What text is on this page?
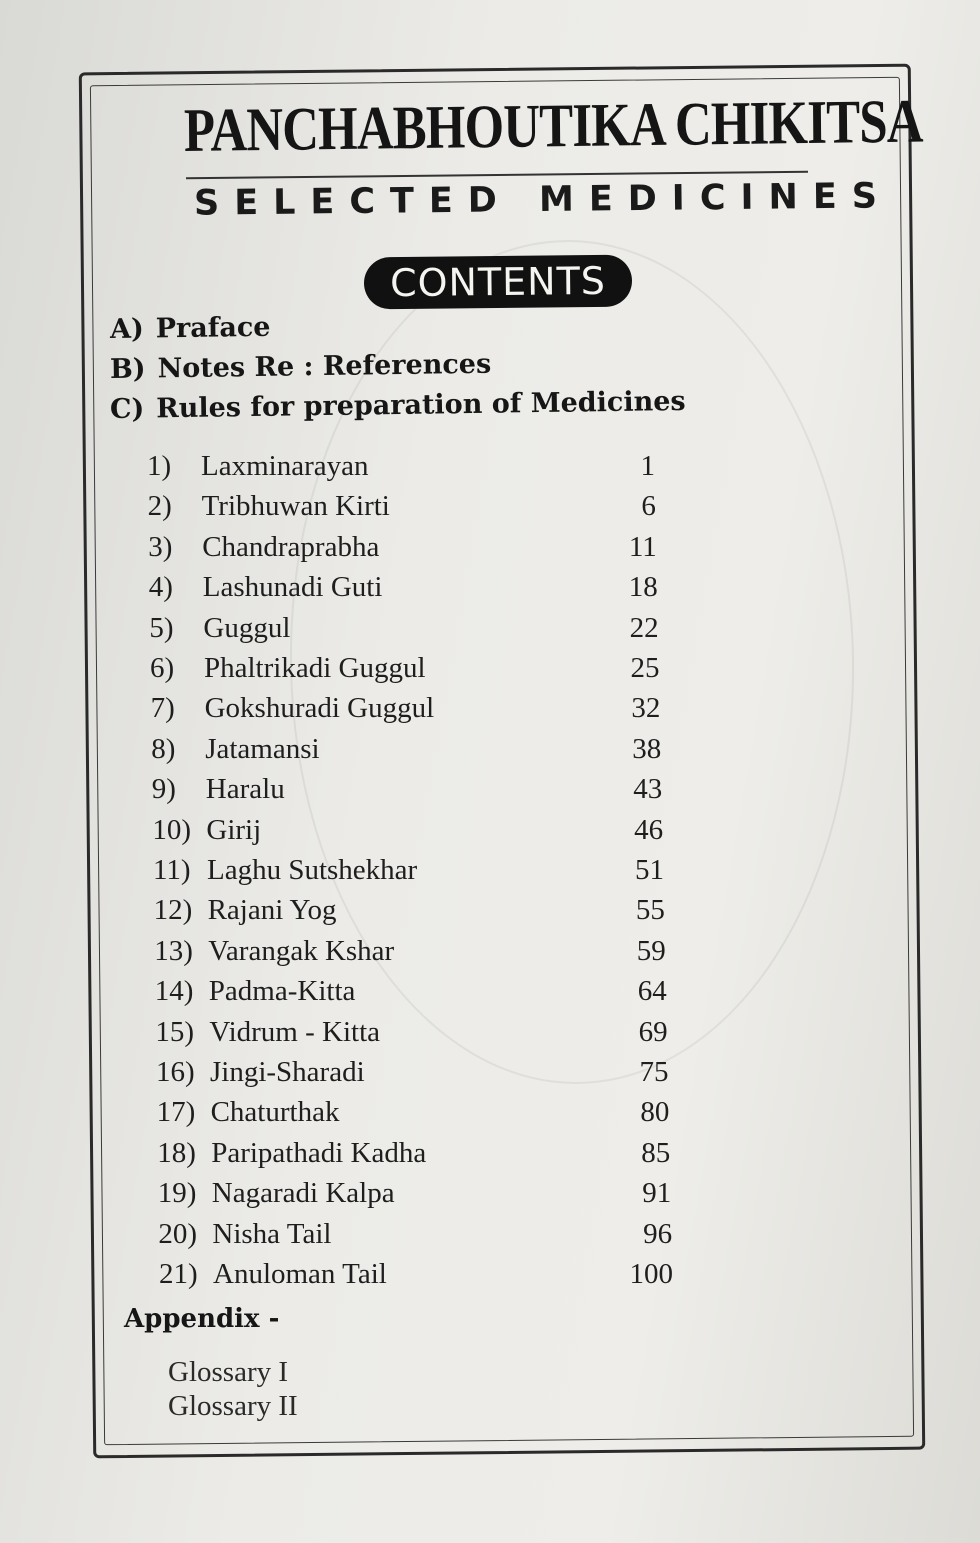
PANCHABHOUTIKA CHIKITSA
SELECTED MEDICINES
CONTENTS
A) Praface
B) Notes Re : References
C) Rules for preparation of Medicines
1) Laxminarayan	1
2) Tribhuwan Kirti	6
3) Chandraprabha	11
4) Lashunadi Guti	18
5) Guggul	22
6) Phaltrikadi Guggul	25
7) Gokshuradi Guggul	32
8) Jatamansi	38
9) Haralu	43
10) Girij	46
11) Laghu Sutshekhar	51
12) Rajani Yog	55
13) Varangak Kshar	59
14) Padma-Kitta	64
15) Vidrum - Kitta	69
16) Jingi-Sharadi	75
17) Chaturthak	80
18) Paripathadi Kadha	85
19) Nagaradi Kalpa	91
20) Nisha Tail	96
21) Anuloman Tail	100
Appendix -
Glossary I
Glossary II
